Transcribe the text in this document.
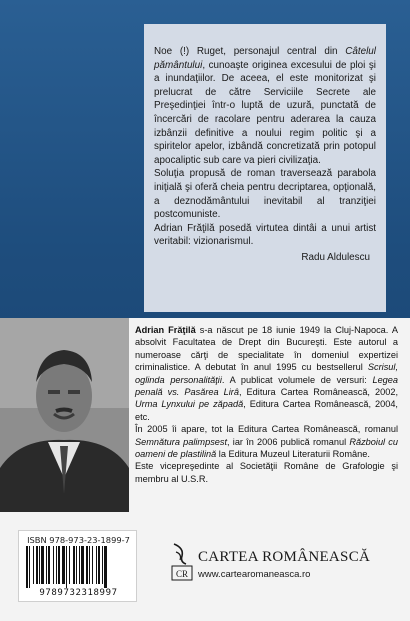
Noe (!) Ruget, personajul central din Câtelul pământului, cunoaşte originea excesului de ploi şi a inundaţiilor. De aceea, el este monitorizat şi prelucrat de către Serviciile Secrete ale Preşedinţiei într-o luptă de uzură, punctată de încercări de racolare pentru aderarea la cauza izbânzii definitive a noului regim politic şi a spiritelor apelor, izbândă concretizată prin potopul apocaliptic sub care va pieri civilizaţia.

Soluţia propusă de roman traversează parabola iniţială şi oferă cheia pentru decriptarea, opţională, a deznodământului inevitabil al tranziţiei postcomuniste.

Adrian Frăţilă posedă virtutea dintâi a unui artist veritabil: vizionarismul.

Radu Aldulescu

Adrian Frăţilă s-a născut pe 18 iunie 1949 la Cluj-Napoca. A absolvit Facultatea de Drept din Bucureşti. Este autorul a numeroase cărţi de specialitate în domeniul expertizei criminalistice. A debutat în anul 1995 cu bestsellerul Scrisul, oglinda personalităţii. A publicat volumele de versuri: Legea penală vs. Pasărea Lirâ, Editura Cartea Românească, 2002, Urma Lynxului pe zăpadă, Editura Cartea Românească, 2004, etc.

În 2005 îi apare, tot la Editura Cartea Românească, romanul Semnătura palimpsest, iar în 2006 publică romanul Războiul cu oameni de plastilină la Editura Muzeul Literaturii Române.

Este vicepreşedinte al Societăţii Române de Grafologie şi membru al U.S.R.

ISBN 978-973-23-1899-7
9789732318997
CR
CARTEA ROMÂNEASCĂ
www.cartearomaneasca.ro
